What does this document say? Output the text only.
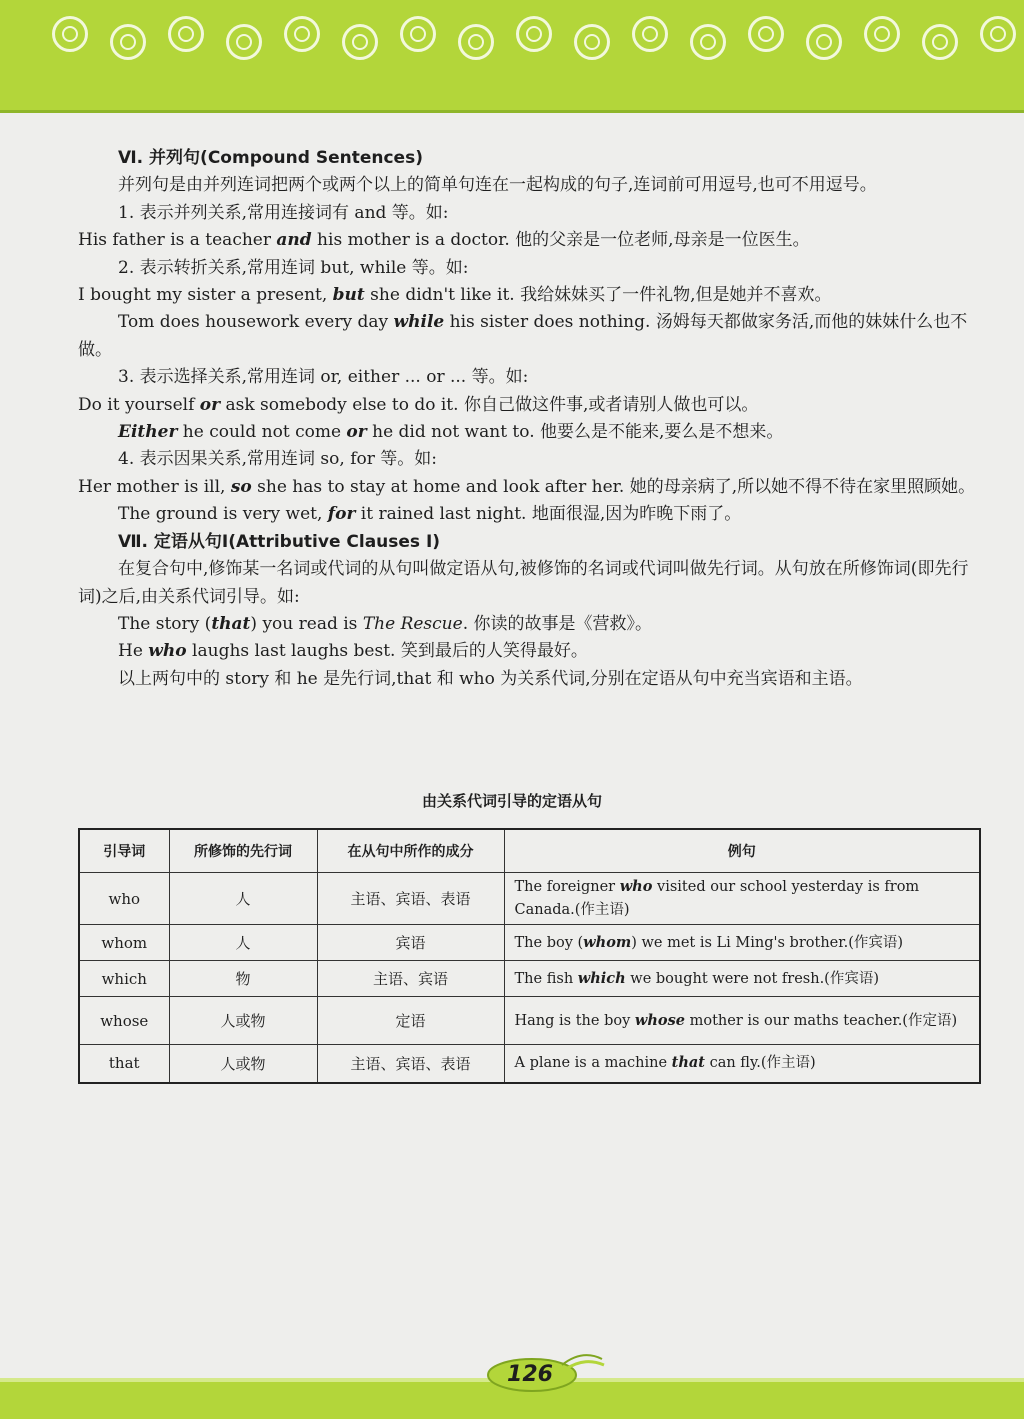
Ⅵ. 并列句(Compound Sentences)

并列句是由并列连词把两个或两个以上的简单句连在一起构成的句子,连词前可用逗号,也可不用逗号。

1. 表示并列关系,常用连接词有 and 等。如:

His father is a teacher and his mother is a doctor. 他的父亲是一位老师,母亲是一位医生。

2. 表示转折关系,常用连词 but, while 等。如:

I bought my sister a present, but she didn't like it. 我给妹妹买了一件礼物,但是她并不喜欢。

Tom does housework every day while his sister does nothing. 汤姆每天都做家务活,而他的妹妹什么也不做。

3. 表示选择关系,常用连词 or, either ... or ... 等。如:

Do it yourself or ask somebody else to do it. 你自己做这件事,或者请别人做也可以。

Either he could not come or he did not want to. 他要么是不能来,要么是不想来。

4. 表示因果关系,常用连词 so, for 等。如:

Her mother is ill, so she has to stay at home and look after her. 她的母亲病了,所以她不得不待在家里照顾她。

The ground is very wet, for it rained last night. 地面很湿,因为昨晚下雨了。

Ⅶ. 定语从句Ⅰ(Attributive Clauses Ⅰ)

在复合句中,修饰某一名词或代词的从句叫做定语从句,被修饰的名词或代词叫做先行词。从句放在所修饰词(即先行词)之后,由关系代词引导。如:

The story (that) you read is The Rescue. 你读的故事是《营救》。

He who laughs last laughs best. 笑到最后的人笑得最好。

以上两句中的 story 和 he 是先行词,that 和 who 为关系代词,分别在定语从句中充当宾语和主语。

由关系代词引导的定语从句
引导词	所修饰的先行词	在从句中所作的成分	例句
who	人	主语、宾语、表语	The foreigner who visited our school yesterday is from Canada.(作主语)
whom	人	宾语	The boy (whom) we met is Li Ming's brother.(作宾语)
which	物	主语、宾语	The fish which we bought were not fresh.(作宾语)
whose	人或物	定语	Hang is the boy whose mother is our maths teacher.(作定语)
that	人或物	主语、宾语、表语	A plane is a machine that can fly.(作主语)
126
